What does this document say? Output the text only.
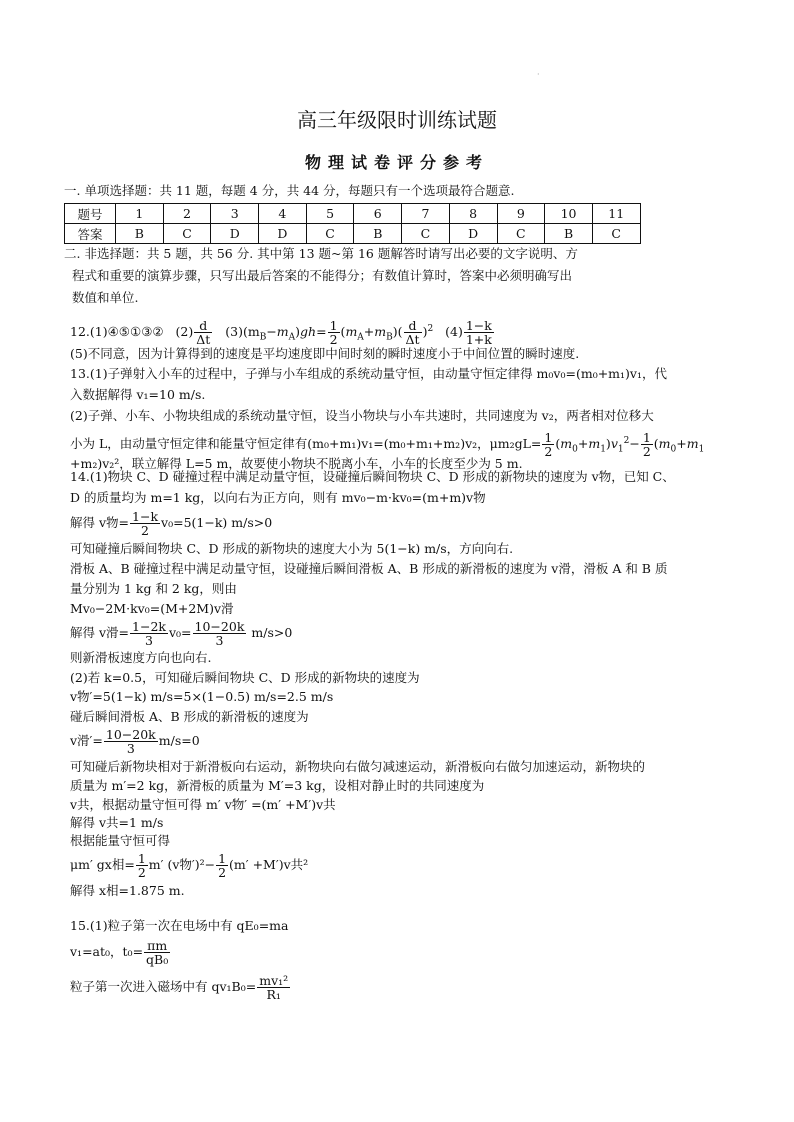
·
高三年级限时训练试题
物理试卷评分参考
一. 单项选择题：共 11 题，每题 4 分，共 44 分，每题只有一个选项最符合题意.
题号	1	2	3	4	5	6	7	8	9	10	11
答案	B	C	D	D	C	B	C	D	C	B	C
二. 非选择题：共 5 题，共 56 分. 其中第 13 题~第 16 题解答时请写出必要的文字说明、方
程式和重要的演算步骤，只写出最后答案的不能得分；有数值计算时，答案中必须明确写出
数值和单位.
12.(1)④⑤①③② $(2) \frac{d}{\Delta t} (3)(m_B-m_A)gh= \frac{1}{2} (m_A+m_B)( \frac{d}{\Delta t} )^2$ $(4) \frac{1-k}{1+k}$
(5)不同意，因为计算得到的速度是平均速度即中间时刻的瞬时速度小于中间位置的瞬时速度.
13.(1)子弹射入小车的过程中，子弹与小车组成的系统动量守恒，由动量守恒定律得 m₀v₀=(m₀+m₁)v₁，代
入数据解得 v₁=10 m/s.
(2)子弹、小车、小物块组成的系统动量守恒，设当小物块与小车共速时，共同速度为 v₂，两者相对位移大
小为 L，由动量守恒定律和能量守恒定律有(m₀+m₁)v₁=(m₀+m₁+m₂)v₂，$\mu m_2gL= \frac{1}{2} (m_0+m_1)v_1^2- \frac{1}{2} (m_0+m_1$
+m₂)v₂²，联立解得 L=5 m，故要使小物块不脱离小车，小车的长度至少为 5 m.
14.(1)物块 C、D 碰撞过程中满足动量守恒，设碰撞后瞬间物块 C、D 形成的新物块的速度为 v物，已知 C、
D 的质量均为 m=1 kg，以向右为正方向，则有 mv₀−m·kv₀=(m+m)v物
解得 v物= $\frac{1-k}{2} v_0=5(1-k)$ m/s>0
可知碰撞后瞬间物块 C、D 形成的新物块的速度大小为 5(1−k) m/s，方向向右.
滑板 A、B 碰撞过程中满足动量守恒，设碰撞后瞬间滑板 A、B 形成的新滑板的速度为 v滑，滑板 A 和 B 质
量分别为 1 kg 和 2 kg，则由
Mv₀−2M·kv₀=(M+2M)v滑
解得 v滑= $\frac{1-2k}{3} v_0= \frac{10-20k}{3} m/s>0$
则新滑板速度方向也向右.
(2)若 k=0.5，可知碰后瞬间物块 C、D 形成的新物块的速度为
v物′=5(1−k) m/s=5×(1−0.5) m/s=2.5 m/s
碰后瞬间滑板 A、B 形成的新滑板的速度为
v滑′= $\frac{10-20k}{3} m/s=0$
可知碰后新物块相对于新滑板向右运动，新物块向右做匀减速运动，新滑板向右做匀加速运动，新物块的
质量为 m′=2 kg，新滑板的质量为 M′=3 kg，设相对静止时的共同速度为
v共，根据动量守恒可得 m′ v物′ =(m′ +M′)v共
解得 v共=1 m/s
根据能量守恒可得
μm′ gx相= $\frac{1}{2} m'$ (v物$')^2- \frac{1}{2} (m' +M')v$共²
解得 x相=1.875 m.
15.(1)粒子第一次在电场中有 qE₀=ma
v₁=at₀，$t_0= \frac{\pi m}{\text{qB₀}}$
粒子第一次进入磁场中有 $qv_1B_0= \frac{\text{mv₁²}}{\text{R₁}}$
